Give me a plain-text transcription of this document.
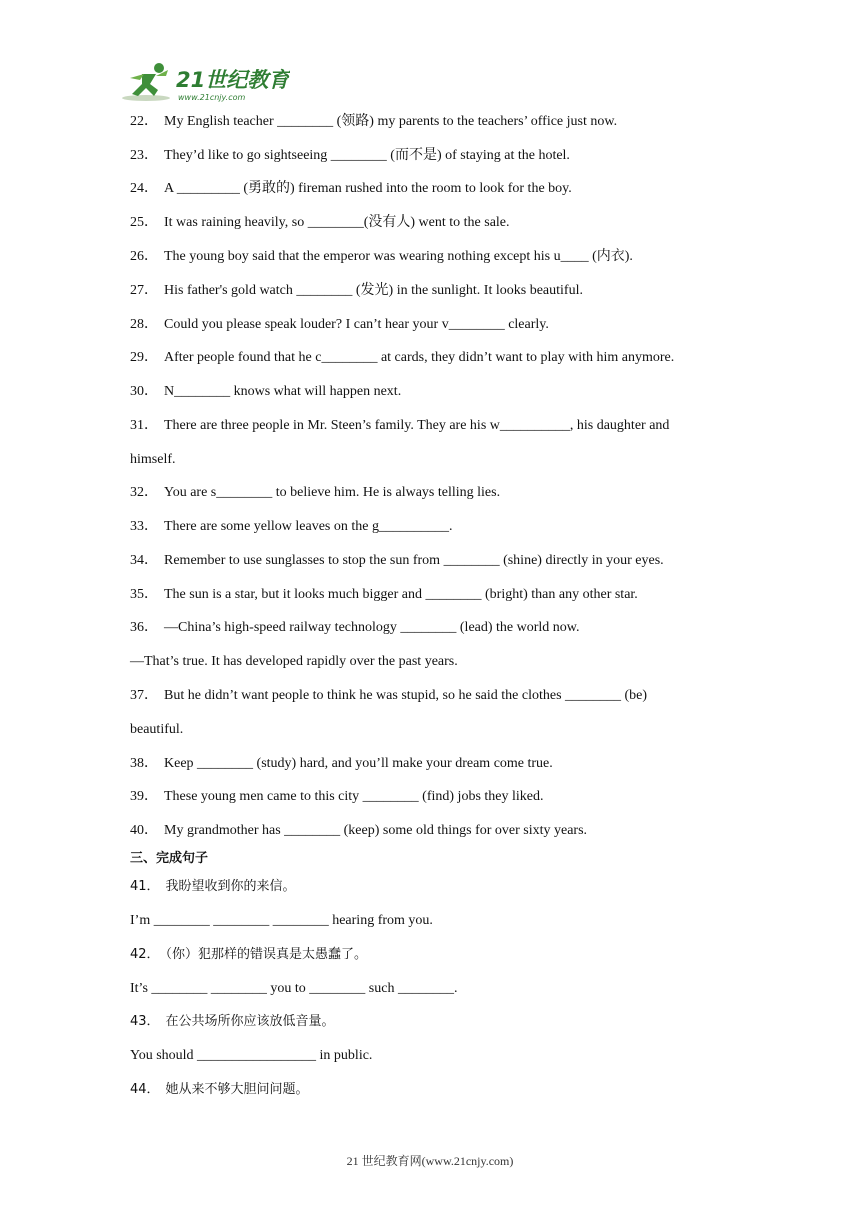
21世纪教育
www.21cnjy.com
22． My English teacher ________ (领路) my parents to the teachers’ office just now.
23． They’d like to go sightseeing ________ (而不是) of staying at the hotel.
24． A _________ (勇敢的) fireman rushed into the room to look for the boy.
25． It was raining heavily, so ________(没有人) went to the sale.
26． The young boy said that the emperor was wearing nothing except his u____ (内衣).
27． His father's gold watch ________ (发光) in the sunlight. It looks beautiful.
28． Could you please speak louder? I can’t hear your v________ clearly.
29． After people found that he c________ at cards, they didn’t want to play with him anymore.
30． N________ knows what will happen next.
31． There are three people in Mr. Steen’s family. They are his w__________, his daughter and
himself.
32． You are s________ to believe him. He is always telling lies.
33． There are some yellow leaves on the g__________.
34． Remember to use sunglasses to stop the sun from ________ (shine) directly in your eyes.
35． The sun is a star, but it looks much bigger and ________ (bright) than any other star.
36． —China’s high-speed railway technology ________ (lead) the world now.
—That’s true. It has developed rapidly over the past years.
37． But he didn’t want people to think he was stupid, so he said the clothes ________ (be)
beautiful.
38． Keep ________ (study) hard, and you’ll make your dream come true.
39． These young men came to this city ________ (find) jobs they liked.
40． My grandmother has ________ (keep) some old things for over sixty years.
三、完成句子
41． 我盼望收到你的来信。
I’m ________ ________ ________ hearing from you.
42． （你）犯那样的错误真是太愚蠢了。
It’s ________ ________ you to ________ such ________.
43． 在公共场所你应该放低音量。
You should _________________ in public.
44． 她从来不够大胆问问题。
21 世纪教育网(www.21cnjy.com)
